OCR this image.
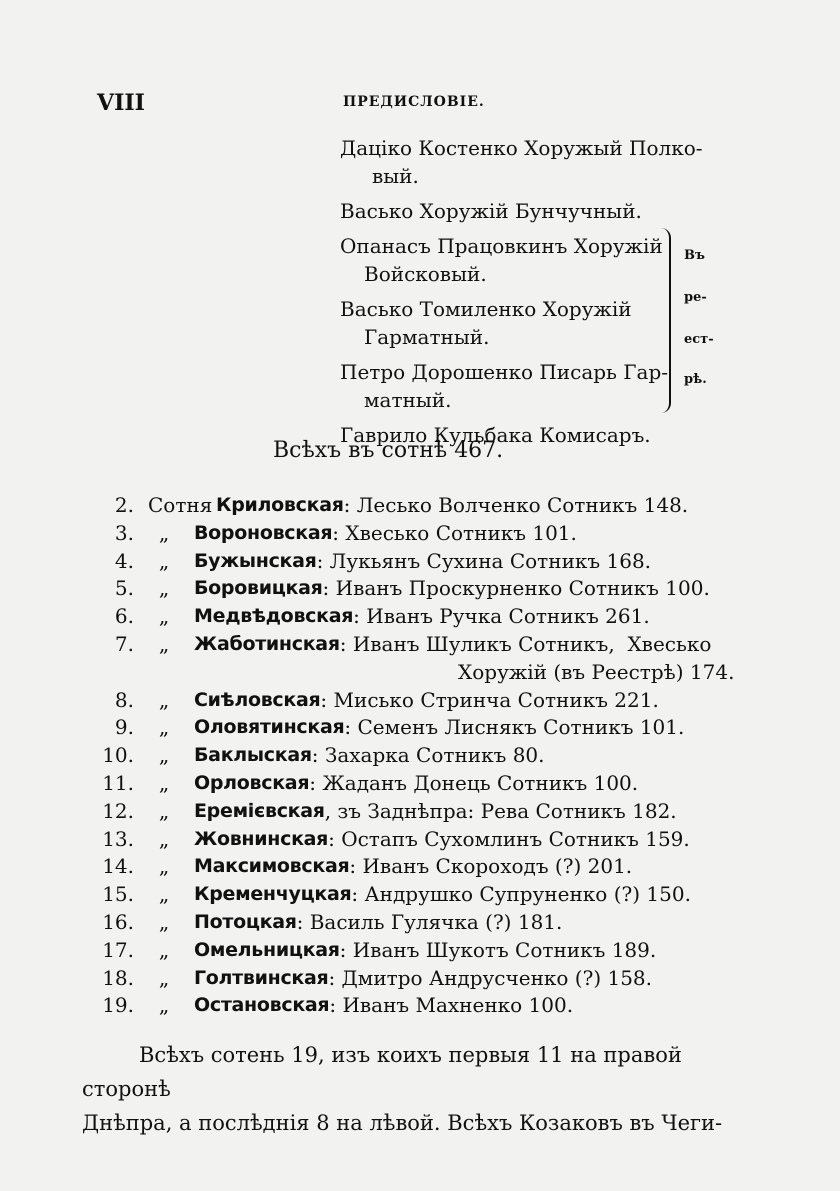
VIII	ПРЕДИСЛОВІЕ.
Даціко Костенко Хоружый Полко-
вый.
Васько Хоружій Бунчучный.
Опанасъ Працовкинъ Хоружій
Войсковый.
Васько Томиленко Хоружій
Гарматный.
Петро Дорошенко Писарь Гар-
матный.
Гаврило Кульбака Комисаръ.
Въ
ре-
ест-
рѣ.
Всѣхъ въ сотнѣ 467.
2. Сотня Криловская : Лесько Волченко Сотникъ 148.
3.	„	Вороновская : Хвесько Сотникъ 101.
4.	„	Бужынская : Лукьянъ Сухина Сотникъ 168.
5.	„	Боровицкая : Иванъ Проскурненко Сотникъ 100.
6.	„	Медвѣдовская : Иванъ Ручка Сотникъ 261.
7.	„	Жаботинская : Иванъ Шуликъ Сотникъ,  Хвесько
Хоружій (въ Реестрѣ) 174.
8.	„	Сиѣловская : Мисько Стринча Сотникъ 221.
9.	„	Оловятинская : Семенъ Лиснякъ Сотникъ 101.
10.	„	Баклыская : Захарка Сотникъ 80.
11.	„	Орловская : Жаданъ Донець Сотникъ 100.
12.	„	Еремієвская , зъ Заднѣпра: Рева Сотникъ 182.
13.	„	Жовнинская : Остапъ Сухомлинъ Сотникъ 159.
14.	„	Максимовская : Иванъ Скороходъ (?) 201.
15.	„	Кременчуцкая : Андрушко Супруненко (?) 150.
16.	„	Потоцкая : Василь Гулячка (?) 181.
17.	„	Омельницкая : Иванъ Шукотъ Сотникъ 189.
18.	„	Голтвинская : Дмитро Андрусченко (?) 158.
19.	„	Остановская : Иванъ Махненко 100.
Всѣхъ сотень 19, изъ коихъ первыя 11 на правой сторонѣ
Днѣпра, а послѣднія 8 на лѣвой. Всѣхъ Козаковъ въ Чеги-
